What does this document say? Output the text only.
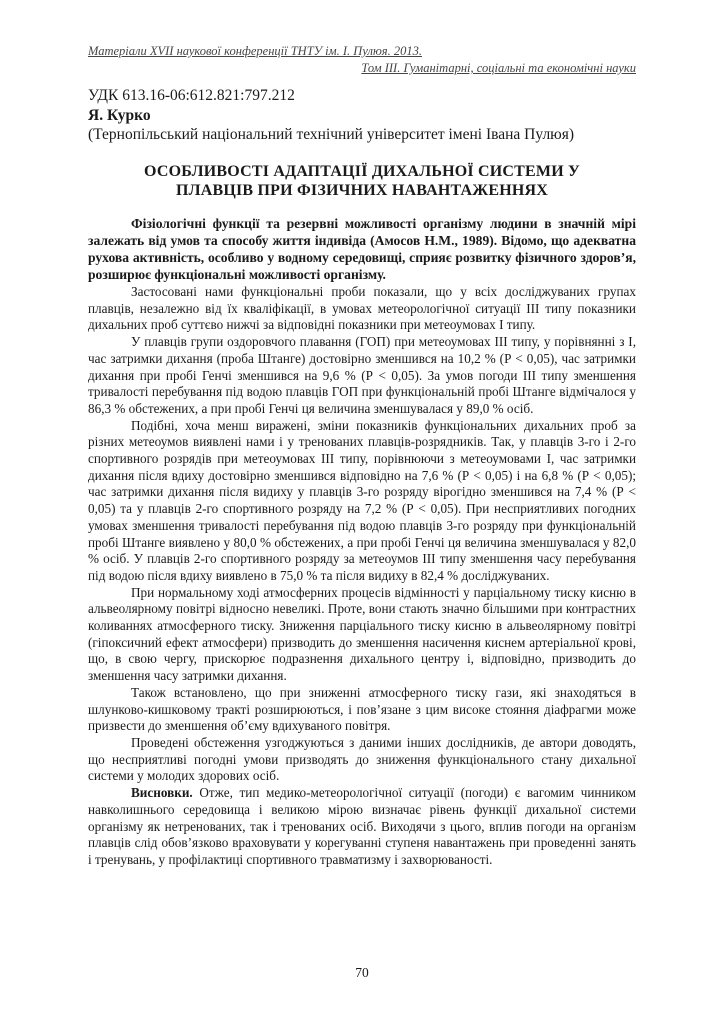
Матеріали XVІІ наукової конференції ТНТУ ім. І. Пулюя. 2013.
Том ІІІ. Гуманітарні, соціальні та економічні науки
УДК 613.16-06:612.821:797.212
Я. Курко
(Тернопільський національний технічний університет імені Івана Пулюя)
ОСОБЛИВОСТІ АДАПТАЦІЇ ДИХАЛЬНОЇ СИСТЕМИ У
ПЛАВЦІВ ПРИ ФІЗИЧНИХ НАВАНТАЖЕННЯХ

Фізіологічні функції та резервні можливості організму людини в значній мірі залежать від умов та способу життя індивіда (Амосов Н.М., 1989). Відомо, що адекватна рухова активність, особливо у водному середовищі, сприяє розвитку фізичного здоров’я, розширює функціональні можливості організму.

Застосовані нами функціональні проби показали, що у всіх досліджуваних групах плавців, незалежно від їх кваліфікації, в умовах метеорологічної ситуації ІІІ типу показники дихальних проб суттєво нижчі за відповідні показники при метеоумовах І типу.

У плавців групи оздоровчого плавання (ГОП) при метеоумовах ІІІ типу, у порівнянні з І, час затримки дихання (проба Штанге) достовірно зменшився на 10,2 % (Р < 0,05), час затримки дихання при пробі Генчі зменшився на 9,6 % (Р < 0,05). За умов погоди ІІІ типу зменшення тривалості перебування під водою плавців ГОП при функціональній пробі Штанге відмічалося у 86,3 % обстежених, а при пробі Генчі ця величина зменшувалася у 89,0 % осіб.

Подібні, хоча менш виражені, зміни показників функціональних дихальних проб за різних метеоумов виявлені нами і у тренованих плавців-розрядників. Так, у плавців 3-го і 2-го спортивного розрядів при метеоумовах ІІІ типу, порівнюючи з метеоумовами І, час затримки дихання після вдиху достовірно зменшився відповідно на 7,6 % (Р < 0,05) і на 6,8 % (Р < 0,05); час затримки дихання після видиху у плавців 3-го розряду вірогідно зменшився на 7,4 % (Р < 0,05) та у плавців 2-го спортивного розряду на 7,2 % (Р < 0,05). При несприятливих погодних умовах зменшення тривалості перебування під водою плавців 3-го розряду при функціональній пробі Штанге виявлено у 80,0 % обстежених, а при пробі Генчі ця величина зменшувалася у 82,0 % осіб. У плавців 2-го спортивного розряду за метеоумов ІІІ типу зменшення часу перебування під водою після вдиху виявлено в 75,0 % та після видиху в 82,4 % досліджуваних.

При нормальному ході атмосферних процесів відмінності у парціальному тиску кисню в альвеолярному повітрі відносно невеликі. Проте, вони стають значно більшими при контрастних коливаннях атмосферного тиску. Зниження парціального тиску кисню в альвеолярному повітрі (гіпоксичний ефект атмосфери) призводить до зменшення насичення киснем артеріальної крові, що, в свою чергу, прискорює подразнення дихального центру і, відповідно, призводить до зменшення часу затримки дихання.

Також встановлено, що при зниженні атмосферного тиску гази, які знаходяться в шлунково-кишковому тракті розширюються, і пов’язане з цим високе стояння діафрагми може призвести до зменшення об’єму вдихуваного повітря.

Проведені обстеження узгоджуються з даними інших дослідників, де автори доводять, що несприятливі погодні умови призводять до зниження функціонального стану дихальної системи у молодих здорових осіб.

Висновки. Отже, тип медико-метеорологічної ситуації (погоди) є вагомим чинником навколишнього середовища і великою мірою визначає рівень функції дихальної системи організму як нетренованих, так і тренованих осіб. Виходячи з цього, вплив погоди на організм плавців слід обов’язково враховувати у корегуванні ступеня навантажень при проведенні занять і тренувань, у профілактиці спортивного травматизму і захворюваності.

70
